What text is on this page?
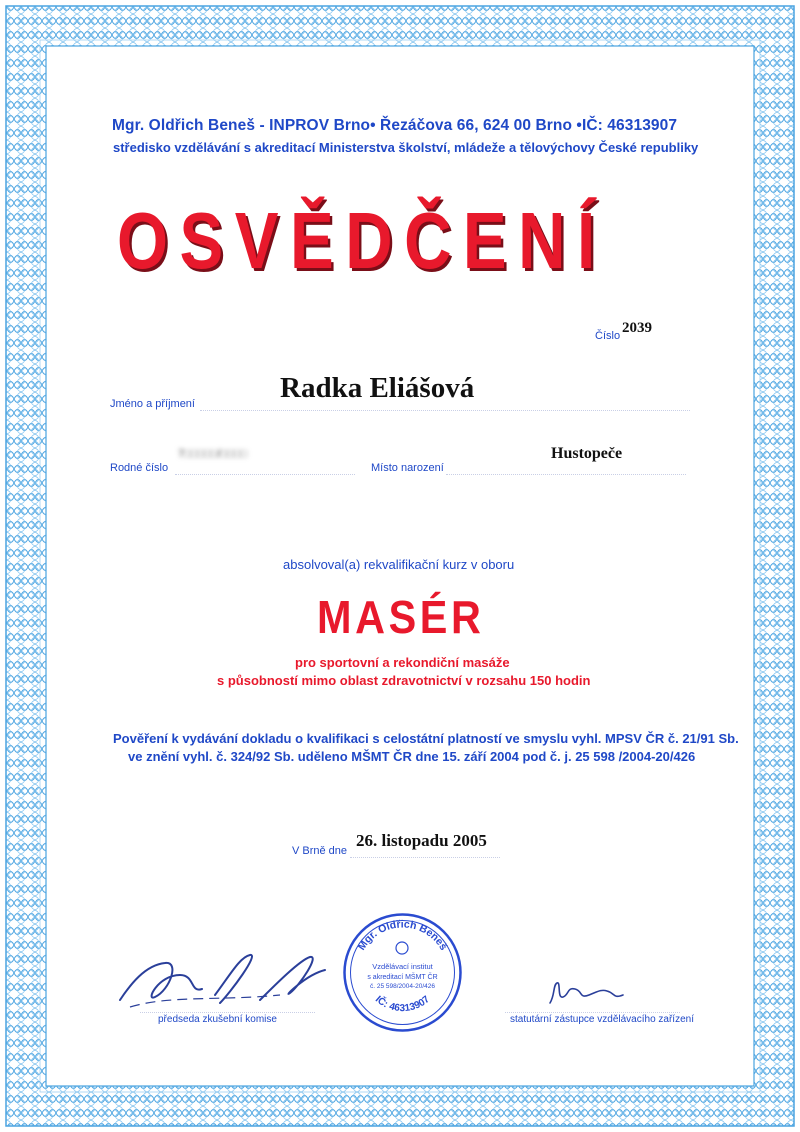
Mgr. Oldřich Beneš - INPROV Brno• Řezáčova 66, 624 00 Brno •IČ: 46313907
středisko vzdělávání s akreditací Ministerstva školství, mládeže a tělovýchovy České republiky
OSVĚDČENÍ
Číslo 2039
Jméno a příjmení	Radka Eliášová
Rodné číslo
7□□□□□/□□□□
Místo narození
Hustopeče
absolvoval(a) rekvalifikační kurz v oboru
MASÉR
pro sportovní a rekondiční masáže
s působností mimo oblast zdravotnictví v rozsahu 150 hodin
Pověření k vydávání dokladu o kvalifikaci s celostátní platností ve smyslu vyhl. MPSV ČR č. 21/91 Sb.
ve znění vyhl. č. 324/92 Sb. uděleno MŠMT ČR dne 15. září 2004 pod č. j. 25 598 /2004-20/426
V Brně dne
26. listopadu 2005
předseda zkušební komise	statutární zástupce vzdělávacího zařízení
Mgr. Oldřich Beneš
Vzdělávací institut
s akreditací MŠMT ČR
č. 25 598/2004-20/426
IČ: 46313907
